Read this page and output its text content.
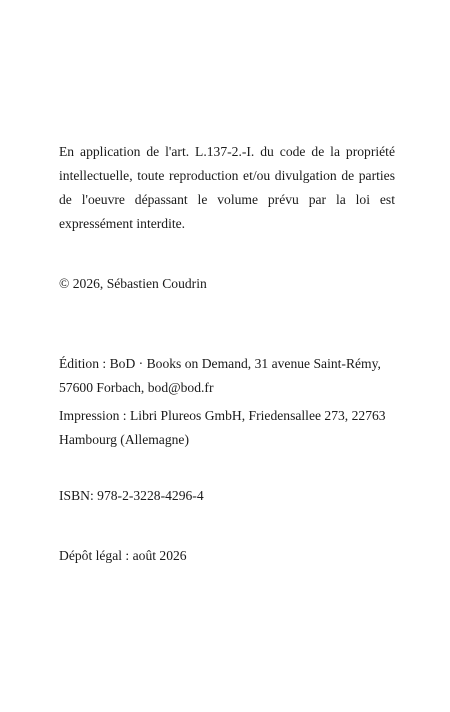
En application de l'art. L.137-2.-I. du code de la propriété intellectuelle, toute reproduction et/ou divulgation de parties de l'oeuvre dépassant le volume prévu par la loi est expressément interdite.

© 2026, Sébastien Coudrin

Édition : BoD · Books on Demand, 31 avenue Saint-Rémy,
57600 Forbach, bod@bod.fr
Impression : Libri Plureos GmbH, Friedensallee 273, 22763
Hambourg (Allemagne)

ISBN: 978-2-3228-4296-4

Dépôt légal : août 2026
